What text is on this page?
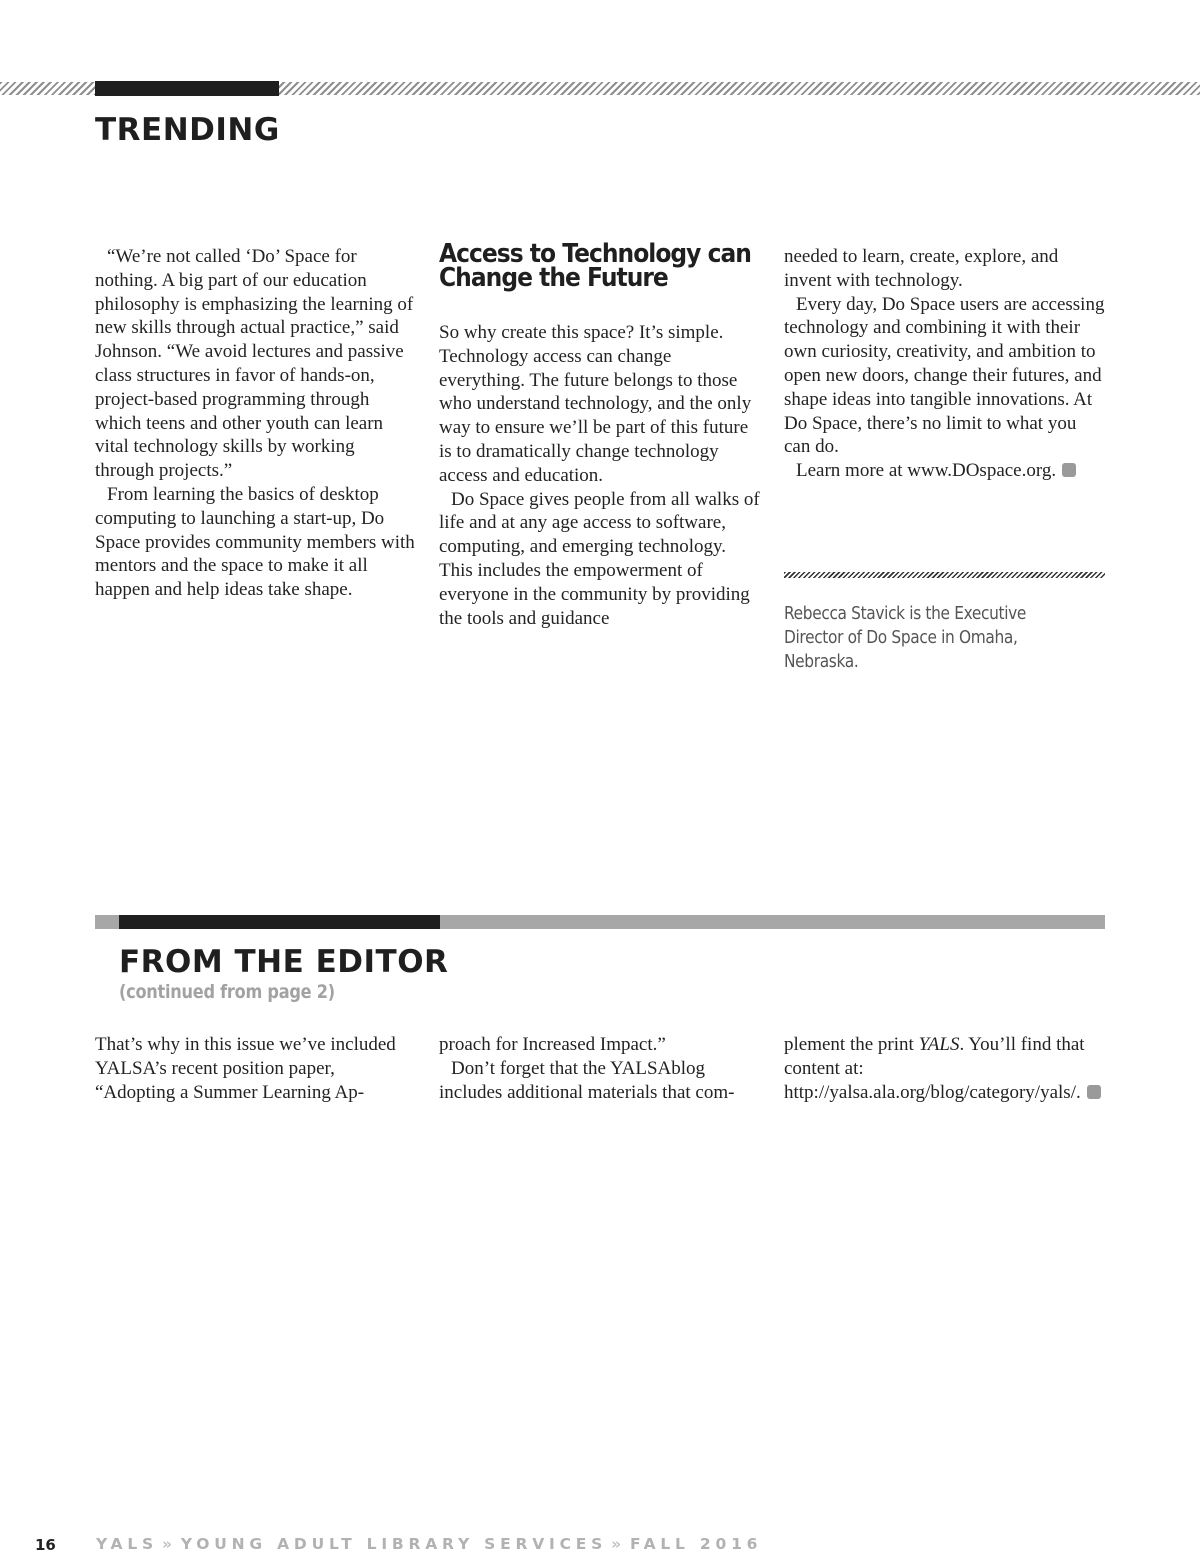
TRENDING

“We’re not called ‘Do’ Space for nothing. A big part of our education philosophy is emphasizing the learning of new skills through actual practice,” said Johnson. “We avoid lectures and passive class structures in favor of hands-on, project-based programming through which teens and other youth can learn vital technology skills by working through projects.”

From learning the basics of desktop computing to launching a start-up, Do Space provides community members with mentors and the space to make it all happen and help ideas take shape.

Access to Technology can
Change the Future

So why create this space? It’s simple. Technology access can change everything. The future belongs to those who understand technology, and the only way to ensure we’ll be part of this future is to dramatically change technology access and education.

Do Space gives people from all walks of life and at any age access to software, computing, and emerging technology. This includes the empowerment of everyone in the community by providing the tools and guidance

needed to learn, create, explore, and invent with technology.

Every day, Do Space users are accessing technology and combining it with their own curiosity, creativity, and ambition to open new doors, change their futures, and shape ideas into tangible innovations. At Do Space, there’s no limit to what you can do.

Learn more at www.DOspace.org.

Rebecca Stavick is the Executive Director of Do Space in Omaha, Nebraska.
FROM THE EDITOR
(continued from page 2)

That’s why in this issue we’ve included YALSA’s recent position paper, “Adopting a Summer Learning Ap-

proach for Increased Impact.”

Don’t forget that the YALSAblog includes additional materials that com-

plement the print YALS. You’ll find that content at: http://yalsa.ala.org/blog/category/yals/.

16	YALS » YOUNG ADULT LIBRARY SERVICES » FALL 2016
